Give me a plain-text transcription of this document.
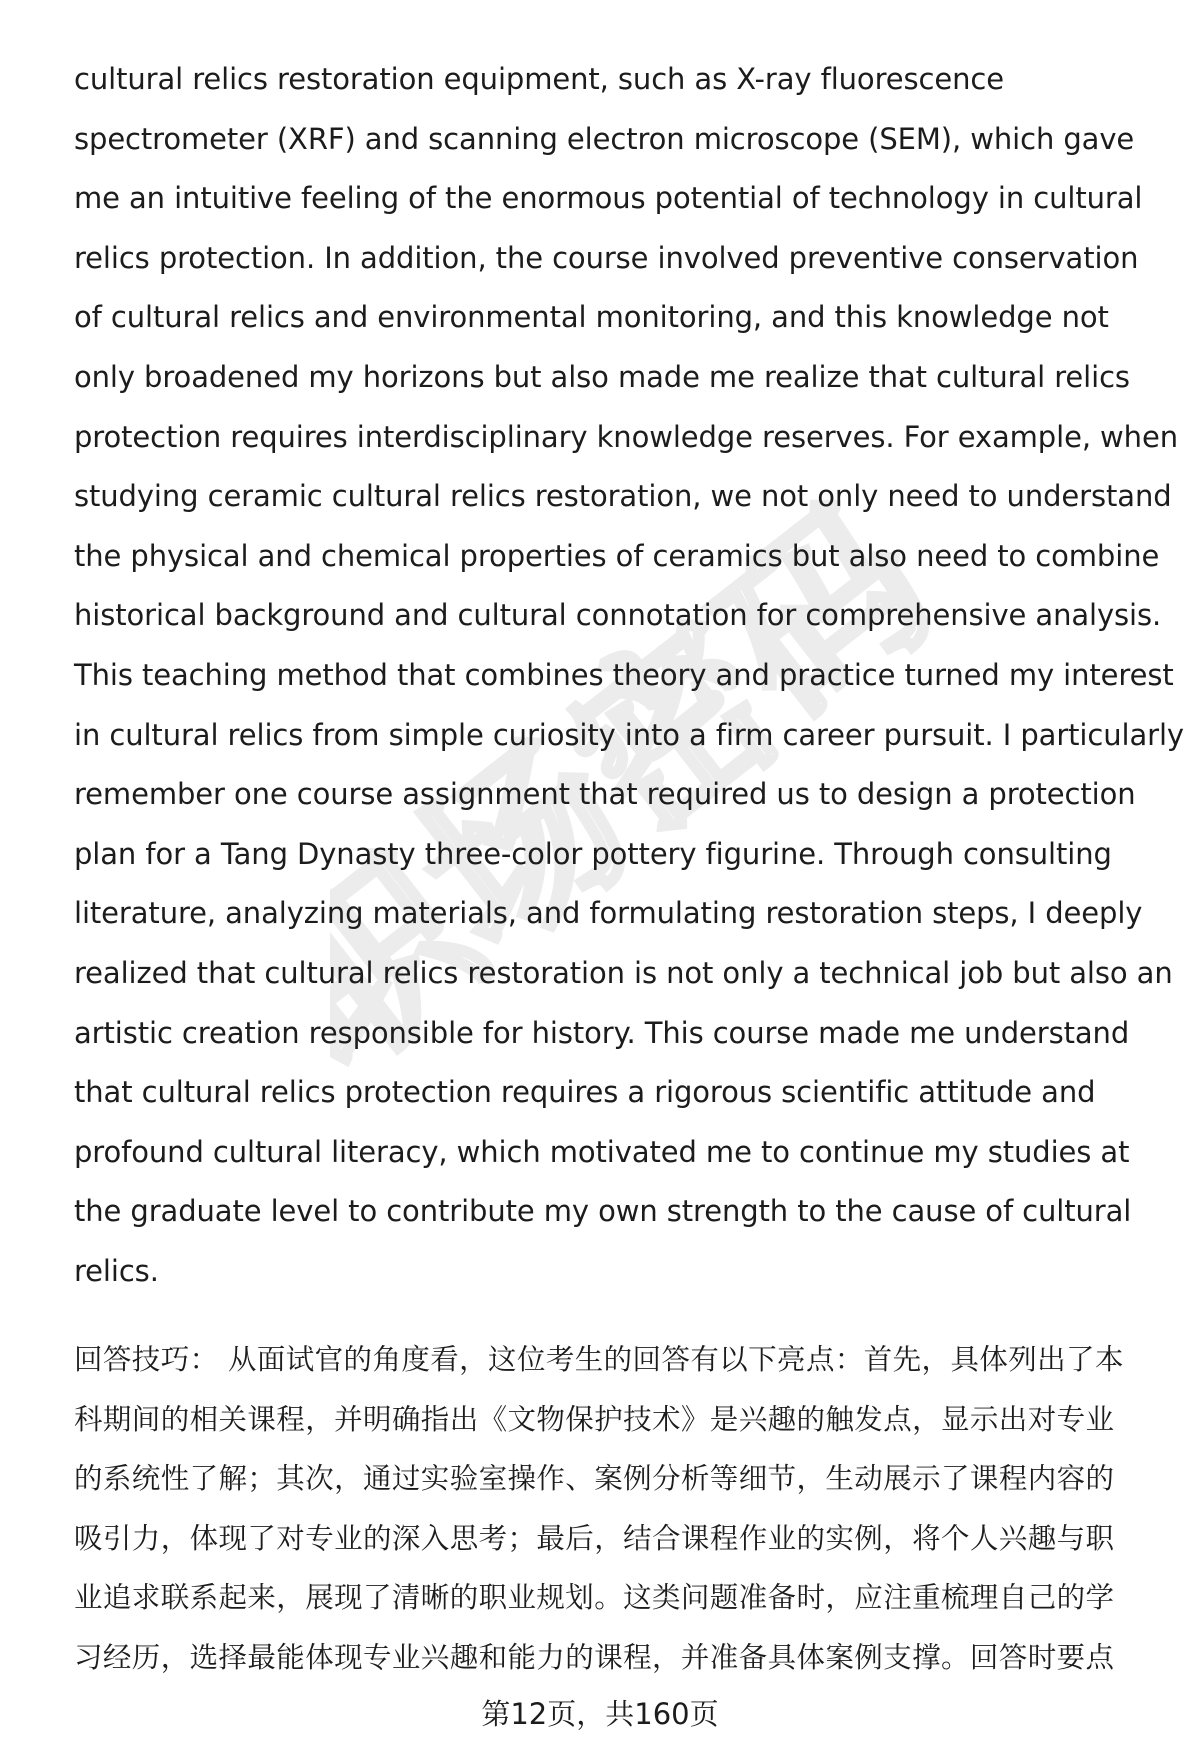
职场密码
cultural relics restoration equipment, such as X-ray fluorescence
spectrometer (XRF) and scanning electron microscope (SEM), which gave
me an intuitive feeling of the enormous potential of technology in cultural
relics protection. In addition, the course involved preventive conservation
of cultural relics and environmental monitoring, and this knowledge not
only broadened my horizons but also made me realize that cultural relics
protection requires interdisciplinary knowledge reserves. For example, when
studying ceramic cultural relics restoration, we not only need to understand
the physical and chemical properties of ceramics but also need to combine
historical background and cultural connotation for comprehensive analysis.
This teaching method that combines theory and practice turned my interest
in cultural relics from simple curiosity into a firm career pursuit. I particularly
remember one course assignment that required us to design a protection
plan for a Tang Dynasty three-color pottery figurine. Through consulting
literature, analyzing materials, and formulating restoration steps, I deeply
realized that cultural relics restoration is not only a technical job but also an
artistic creation responsible for history. This course made me understand
that cultural relics protection requires a rigorous scientific attitude and
profound cultural literacy, which motivated me to continue my studies at
the graduate level to contribute my own strength to the cause of cultural
relics.
回答技巧： 从面试官的角度看，这位考生的回答有以下亮点：首先，具体列出了本
科期间的相关课程，并明确指出《文物保护技术》是兴趣的触发点，显示出对专业
的系统性了解；其次，通过实验室操作、案例分析等细节，生动展示了课程内容的
吸引力，体现了对专业的深入思考；最后，结合课程作业的实例，将个人兴趣与职
业追求联系起来，展现了清晰的职业规划。这类问题准备时，应注重梳理自己的学
习经历，选择最能体现专业兴趣和能力的课程，并准备具体案例支撑。回答时要点
第12页，共160页
